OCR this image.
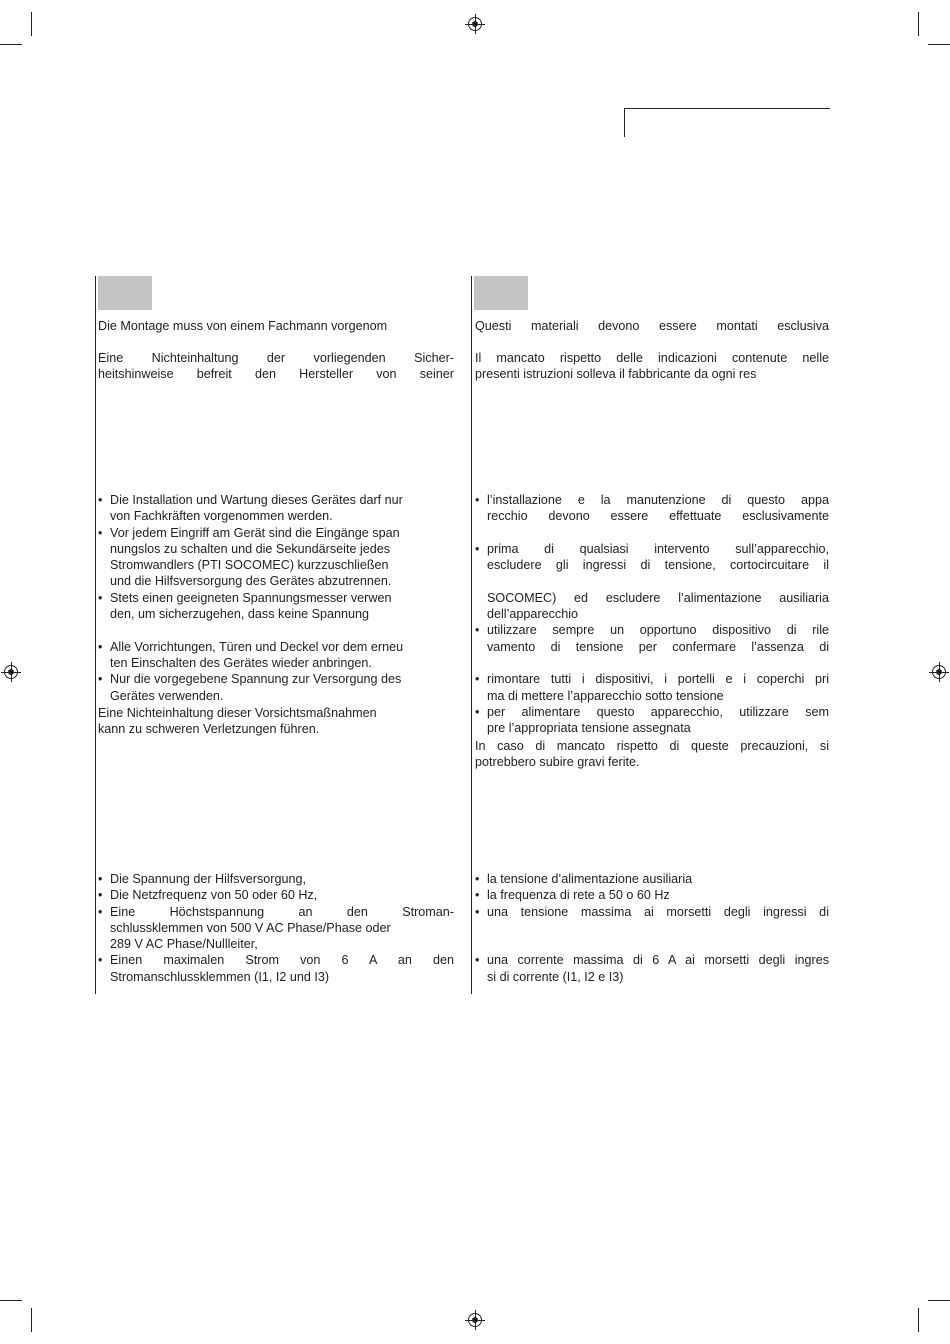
Die Montage muss von einem Fachmann vorgenom
Eine Nichteinhaltung der vorliegenden Sicher-
heitshinweise befreit den Hersteller von seiner
• Die Installation und Wartung dieses Gerätes darf nur
von Fachkräften vorgenommen werden.
• Vor jedem Eingriff am Gerät sind die Eingänge span
nungslos zu schalten und die Sekundärseite jedes
Stromwandlers (PTI SOCOMEC) kurzzuschließen
und die Hilfsversorgung des Gerätes abzutrennen.
• Stets einen geeigneten Spannungsmesser verwen
den, um sicherzugehen, dass keine Spannung

• Alle Vorrichtungen, Türen und Deckel vor dem erneu
ten Einschalten des Gerätes wieder anbringen.
• Nur die vorgegebene Spannung zur Versorgung des
Gerätes verwenden.
Eine Nichteinhaltung dieser Vorsichtsmaßnahmen
kann zu schweren Verletzungen führen.
• Die Spannung der Hilfsversorgung,
• Die Netzfrequenz von 50 oder 60 Hz,
• Eine Höchstspannung an den Stroman-
schlussklemmen von 500 V AC Phase/Phase oder
289 V AC Phase/Nullleiter,
• Einen maximalen Strom von 6 A an den
Stromanschlussklemmen (I1, I2 und I3)
Questi materiali devono essere montati esclusiva
Il mancato rispetto delle indicazioni contenute nelle
presenti istruzioni solleva il fabbricante da ogni res
• l’installazione e la manutenzione di questo appa
recchio devono essere effettuate esclusivamente

• prima di qualsiasi intervento sull’apparecchio,
escludere gli ingressi di tensione, cortocircuitare il

SOCOMEC) ed escludere l’alimentazione ausiliaria
dell’apparecchio
• utilizzare sempre un opportuno dispositivo di rile
vamento di tensione per confermare l’assenza di

• rimontare tutti i dispositivi, i portelli e i coperchi pri
ma di mettere l’apparecchio sotto tensione
• per alimentare questo apparecchio, utilizzare sem
pre l’appropriata tensione assegnata
In caso di mancato rispetto di queste precauzioni, si
potrebbero subire gravi ferite.
• la tensione d’alimentazione ausiliaria
• la frequenza di rete a 50 o 60 Hz
• una tensione massima ai morsetti degli ingressi di

• una corrente massima di 6 A ai morsetti degli ingres
si di corrente (I1, I2 e I3)
